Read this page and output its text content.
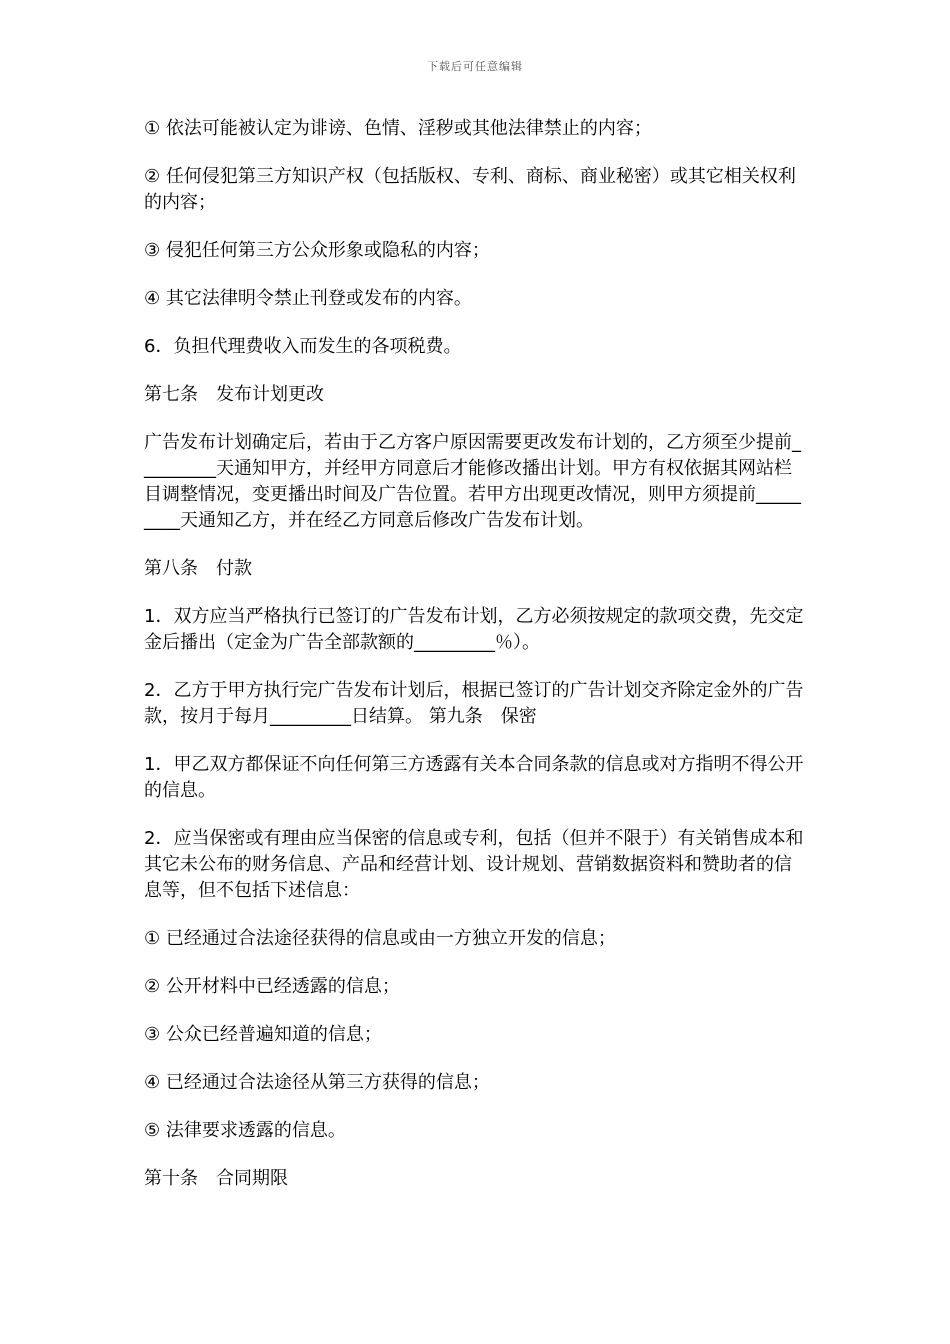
下载后可任意编辑

① 依法可能被认定为诽谤、色情、淫秽或其他法律禁止的内容；

② 任何侵犯第三方知识产权（包括版权、专利、商标、商业秘密）或其它相关权利的内容；

③ 侵犯任何第三方公众形象或隐私的内容；

④ 其它法律明令禁止刊登或发布的内容。

6．负担代理费收入而发生的各项税费。

第七条　发布计划更改

广告发布计划确定后，若由于乙方客户原因需要更改发布计划的，乙方须至少提前_________天通知甲方，并经甲方同意后才能修改播出计划。甲方有权依据其网站栏目调整情况，变更播出时间及广告位置。若甲方出现更改情况，则甲方须提前_________天通知乙方，并在经乙方同意后修改广告发布计划。

第八条　付款

1．双方应当严格执行已签订的广告发布计划，乙方必须按规定的款项交费，先交定金后播出（定金为广告全部款额的_________％）。

2．乙方于甲方执行完广告发布计划后，根据已签订的广告计划交齐除定金外的广告款，按月于每月_________日结算。 第九条　保密

1．甲乙双方都保证不向任何第三方透露有关本合同条款的信息或对方指明不得公开的信息。

2．应当保密或有理由应当保密的信息或专利，包括（但并不限于）有关销售成本和其它未公布的财务信息、产品和经营计划、设计规划、营销数据资料和赞助者的信息等，但不包括下述信息：

① 已经通过合法途径获得的信息或由一方独立开发的信息；

② 公开材料中已经透露的信息；

③ 公众已经普遍知道的信息；

④ 已经通过合法途径从第三方获得的信息；

⑤ 法律要求透露的信息。

第十条　合同期限
